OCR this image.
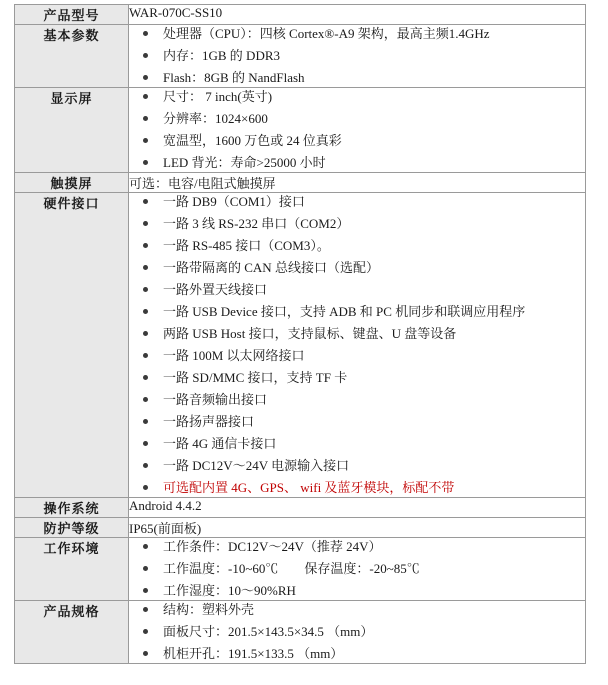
产品型号	WAR-070C-SS10
基本参数	处理器（CPU）：四核 Cortex®-A9 架构，最高主频1.4GHz
内存：1GB 的 DDR3
Flash：8GB 的 NandFlash

显示屏	尺寸： 7 inch(英寸)
分辨率：1024×600
宽温型，1600 万色或 24 位真彩
LED 背光：寿命>25000 小时

触摸屏	可选：电容/电阻式触摸屏
硬件接口	一路 DB9（COM1）接口
一路 3 线 RS-232 串口（COM2）
一路 RS-485 接口（COM3）。
一路带隔离的 CAN 总线接口（选配）
一路外置天线接口
一路 USB Device 接口，支持 ADB 和 PC 机同步和联调应用程序
两路 USB Host 接口，支持鼠标、键盘、U 盘等设备
一路 100M 以太网络接口
一路 SD/MMC 接口，支持 TF 卡
一路音频输出接口
一路扬声器接口
一路 4G 通信卡接口
一路 DC12V～24V 电源输入接口
可选配内置 4G、GPS、 wifi 及蓝牙模块，标配不带

操作系统	Android 4.4.2
防护等级	IP65(前面板)
工作环境	工作条件：DC12V～24V（推荐 24V）
工作温度：-10~60℃　　保存温度：-20~85℃
工作湿度：10～90%RH

产品规格	结构：塑料外壳
面板尺寸：201.5×143.5×34.5 （mm）
机柜开孔：191.5×133.5 （mm）
